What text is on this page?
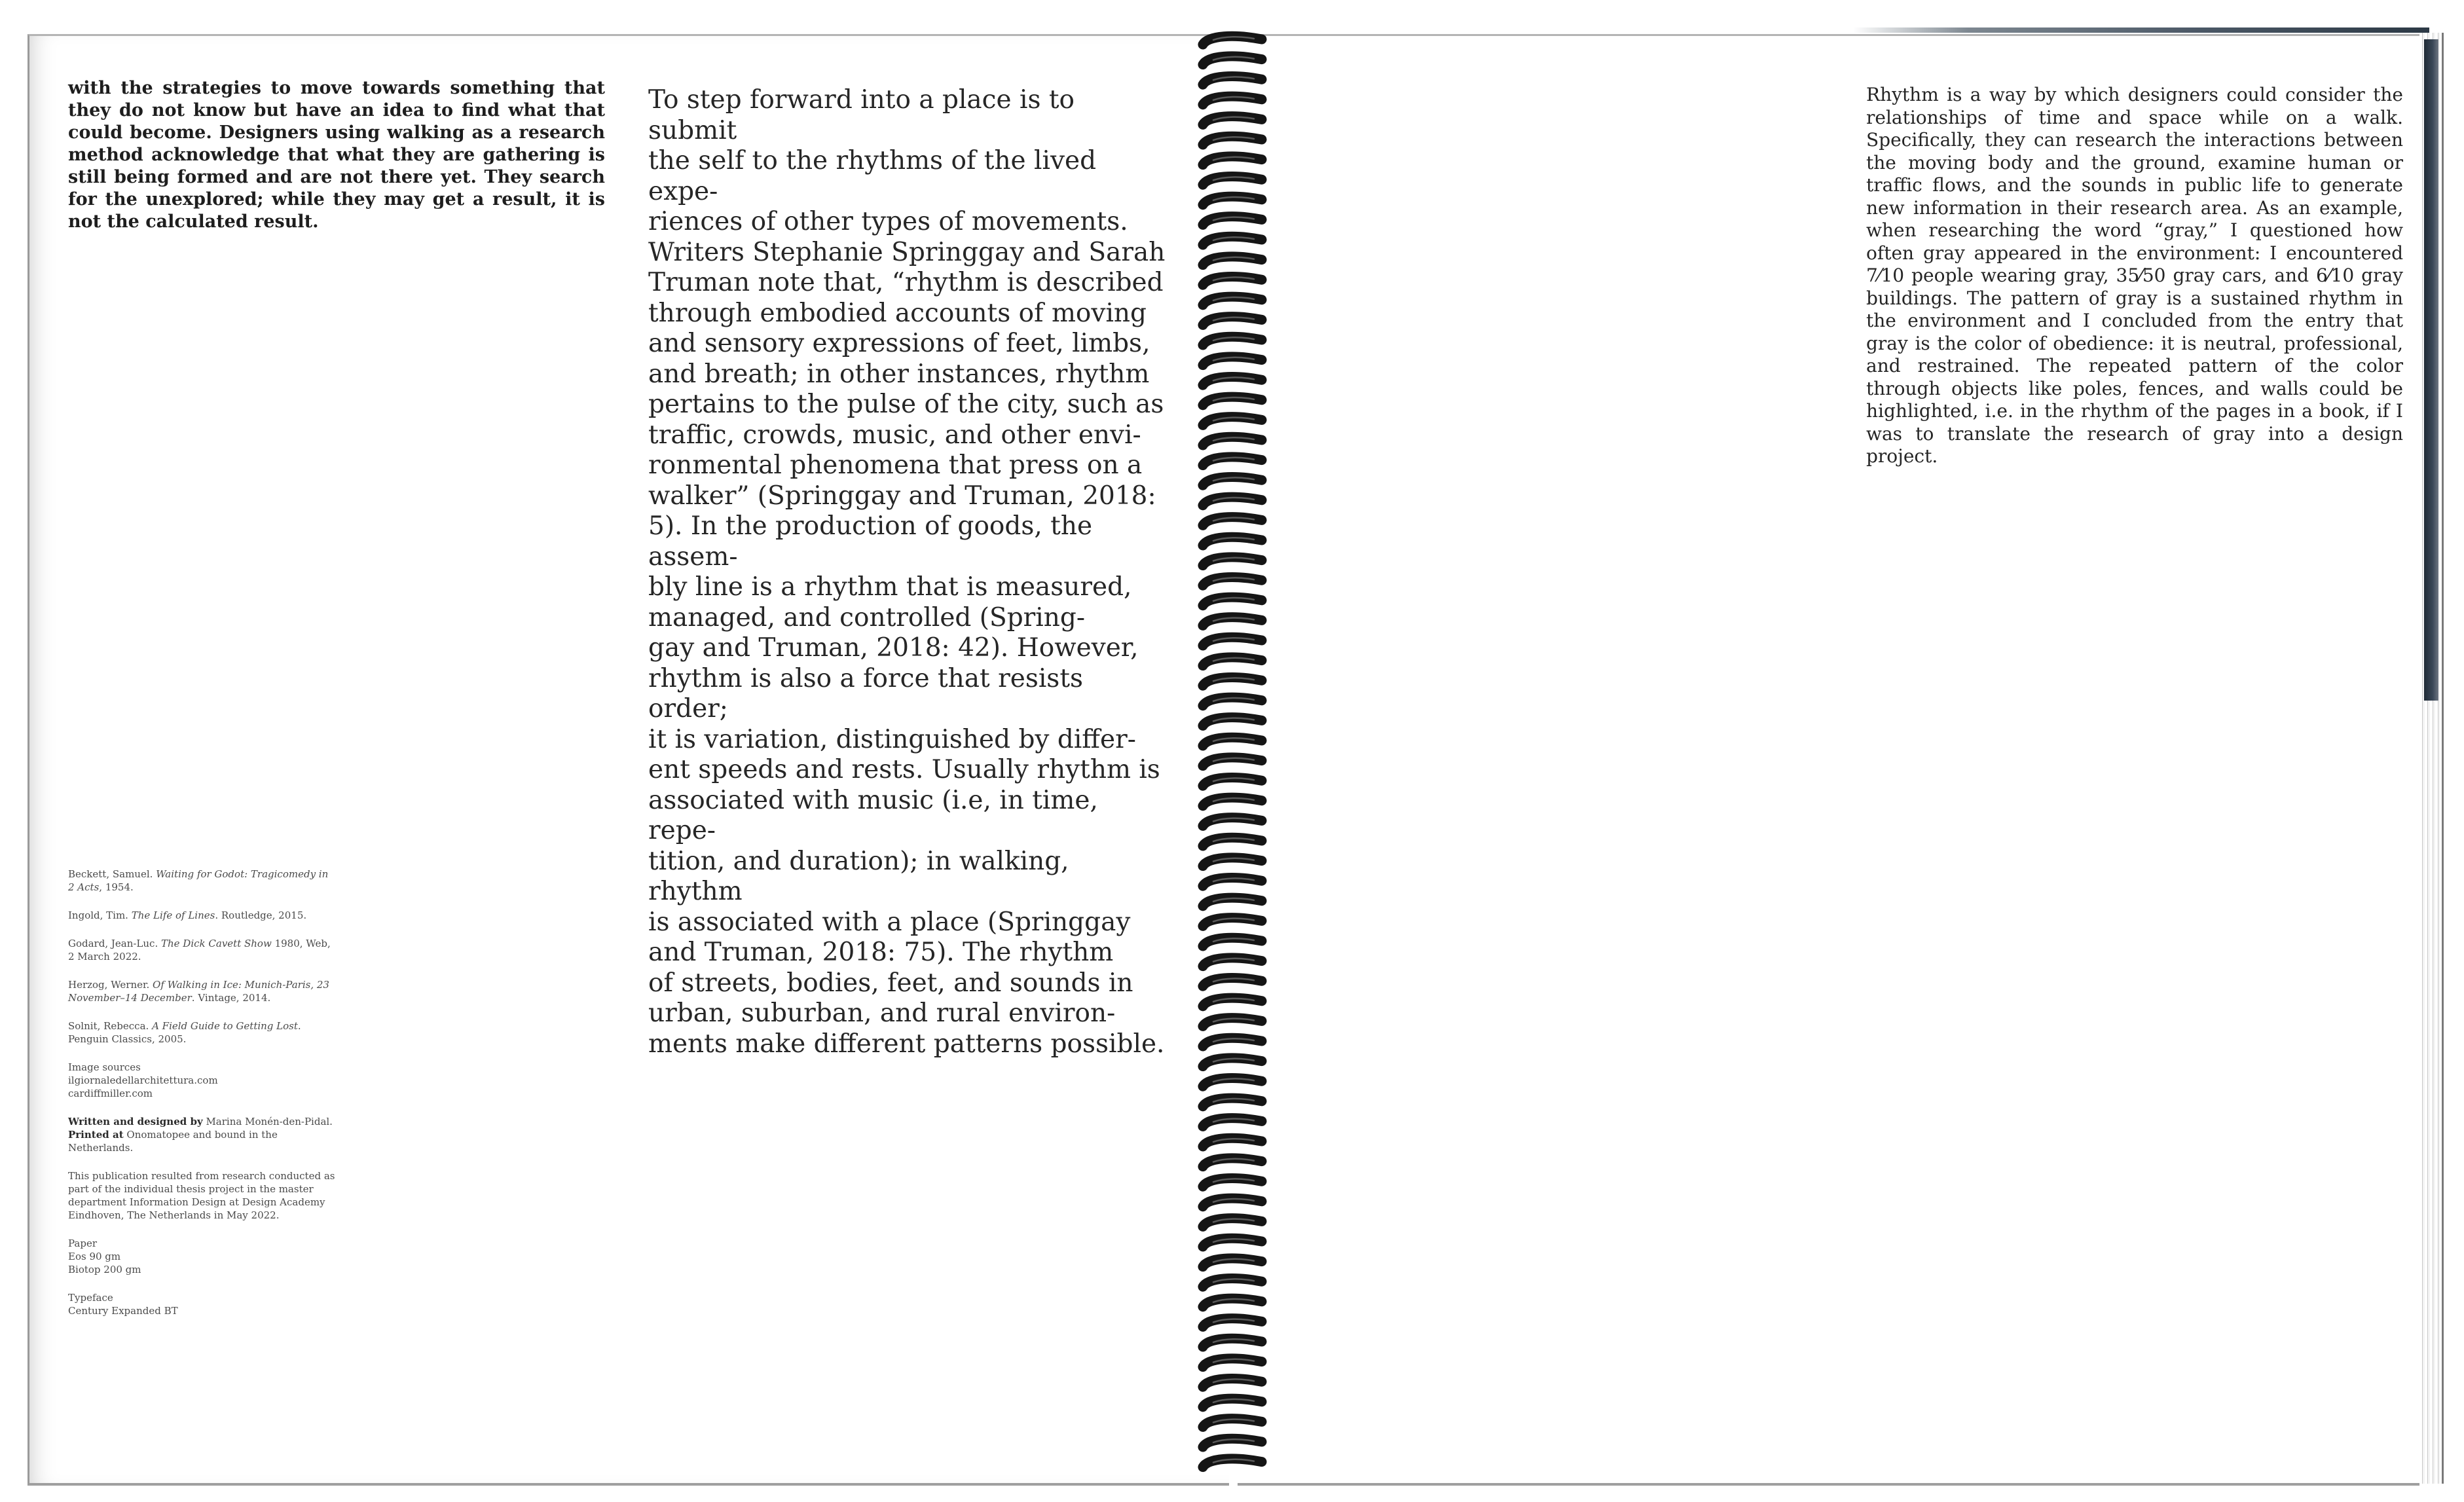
with the strategies to move towards something that they do not know but have an idea to find what that could become. Designers using walking as a research method acknowledge that what they are gathering is still being formed and are not there yet. They search for the unexplored; while they may get a result, it is not the calculated result.
To step forward into a place is to submit
the self to the rhythms of the lived expe-
riences of other types of movements.
Writers Stephanie Springgay and Sarah
Truman note that, “rhythm is described
through embodied accounts of moving
and sensory expressions of feet, limbs,
and breath; in other instances, rhythm
pertains to the pulse of the city, such as
traffic, crowds, music, and other envi-
ronmental phenomena that press on a
walker” (Springgay and Truman, 2018:
5). In the production of goods, the assem-
bly line is a rhythm that is measured,
managed, and controlled (Spring-
gay and Truman, 2018: 42). However,
rhythm is also a force that resists order;
it is variation, distinguished by differ-
ent speeds and rests. Usually rhythm is
associated with music (i.e, in time, repe-
tition, and duration); in walking, rhythm
is associated with a place (Springgay
and Truman, 2018: 75). The rhythm
of streets, bodies, feet, and sounds in
urban, suburban, and rural environ-
ments make different patterns possible.
Beckett, Samuel. Waiting for Godot: Tragicomedy in 2 Acts, 1954.
Ingold, Tim. The Life of Lines. Routledge, 2015.
Godard, Jean-Luc. The Dick Cavett Show 1980, Web, 2 March 2022.
Herzog, Werner. Of Walking in Ice: Munich-Paris, 23 November–14 December. Vintage, 2014.
Solnit, Rebecca. A Field Guide to Getting Lost. Penguin Classics, 2005.
Image sources
ilgiornaledellarchitettura.com
cardiffmiller.com
Written and designed by Marina Monén-den-Pidal. Printed at Onomatopee and bound in the Netherlands.
This publication resulted from research conducted as part of the individual thesis project in the master department Information Design at Design Academy Eindhoven, The Netherlands in May 2022.
Paper
Eos 90 gm
Biotop 200 gm
Typeface
Century Expanded BT
Rhythm is a way by which designers could consider the relationships of time and space while on a walk. Specifically, they can research the interactions between the moving body and the ground, examine human or traffic flows, and the sounds in public life to generate new information in their research area. As an example, when researching the word “gray,” I questioned how often gray appeared in the environment: I encountered 7⁄10 people wearing gray, 35⁄50 gray cars, and 6⁄10 gray buildings. The pattern of gray is a sustained rhythm in the environment and I concluded from the entry that gray is the color of obedience: it is neutral, professional, and restrained. The repeated pattern of the color through objects like poles, fences, and walls could be highlighted, i.e. in the rhythm of the pages in a book, if I was to translate the research of gray into a design project.
